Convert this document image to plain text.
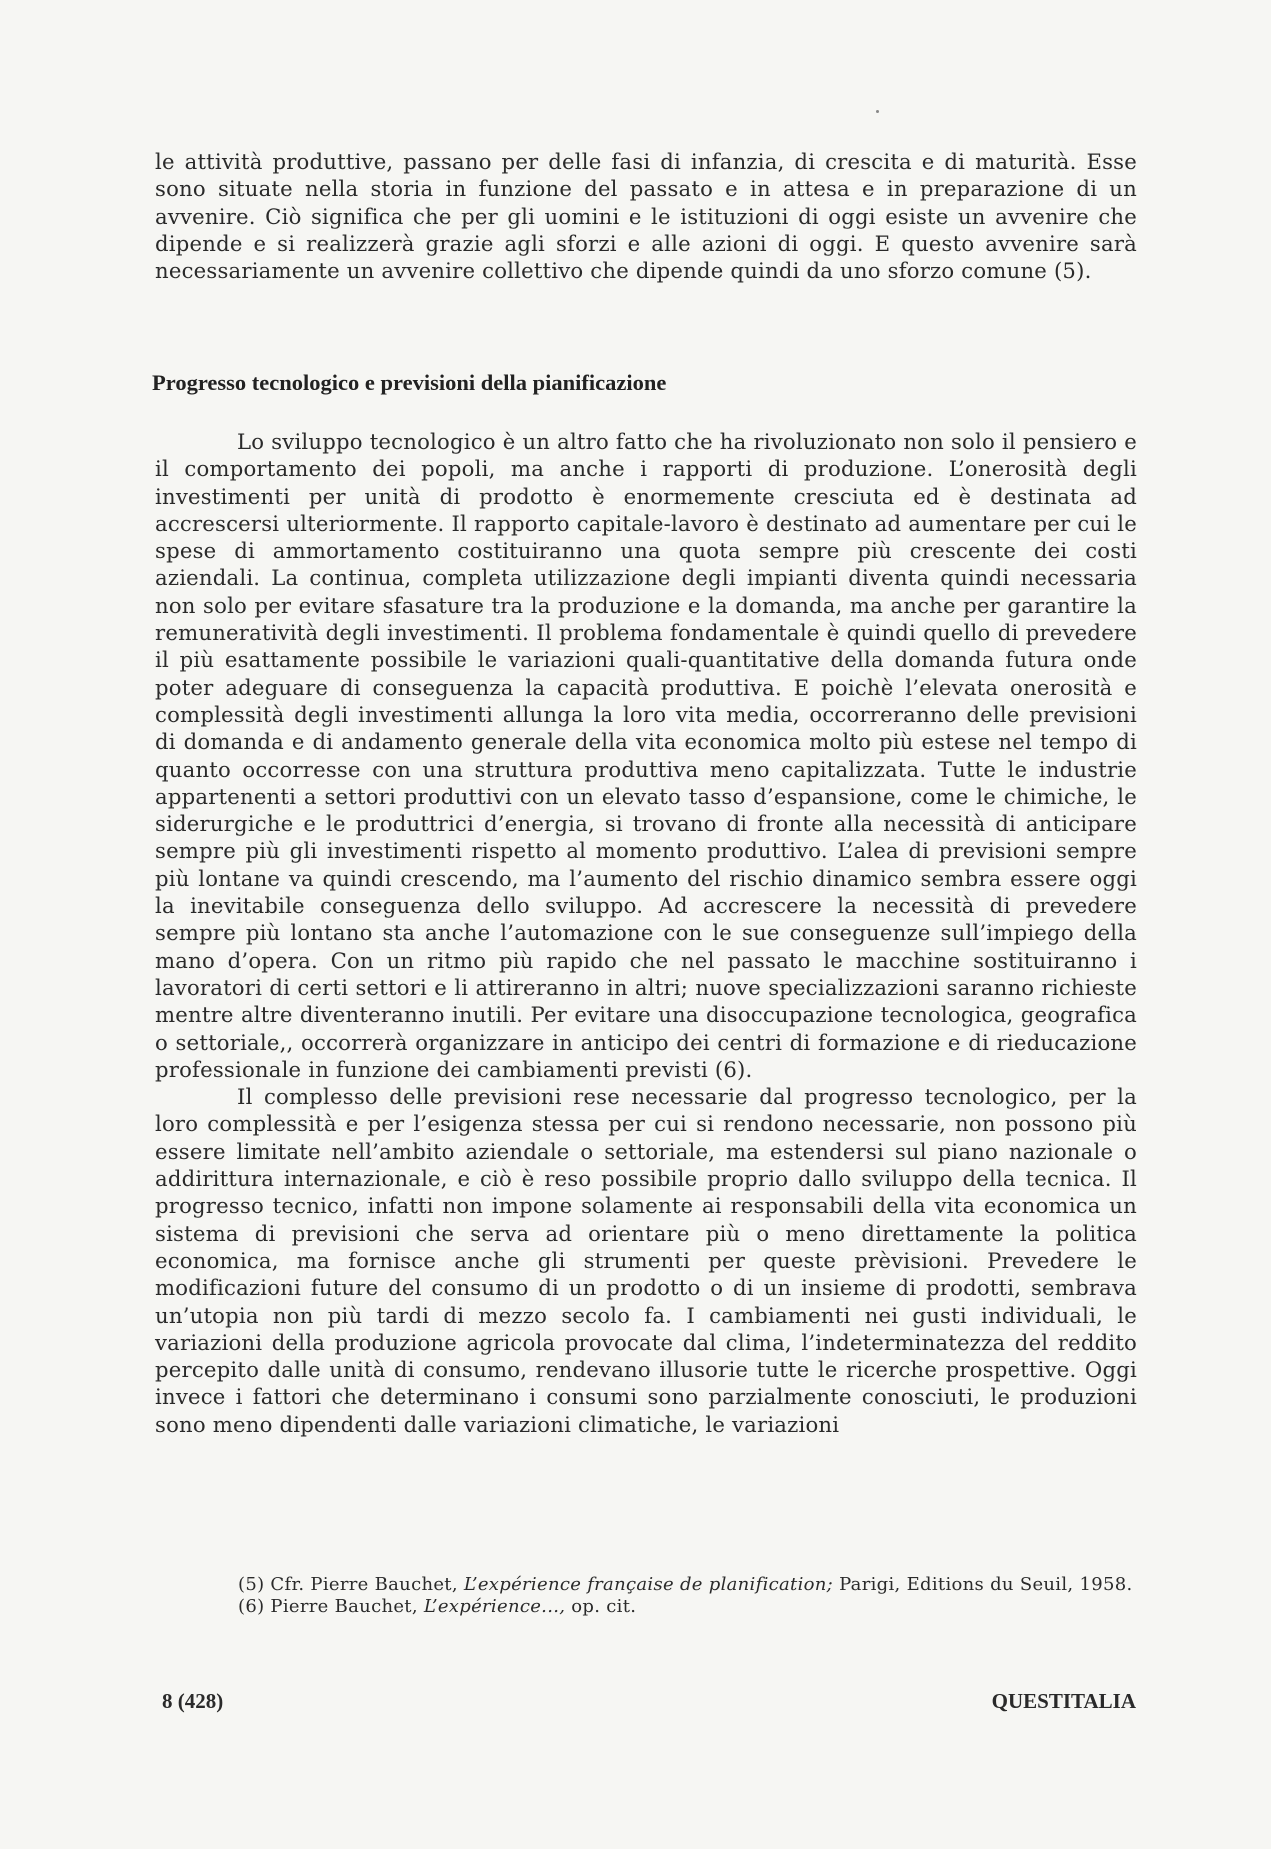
le attività produttive, passano per delle fasi di infanzia, di crescita e di maturità. Esse sono situate nella storia in funzione del passato e in attesa e in preparazione di un avvenire. Ciò significa che per gli uomini e le istituzioni di oggi esiste un avvenire che dipende e si realizzerà grazie agli sforzi e alle azioni di oggi. E questo avvenire sarà necessariamente un avvenire collettivo che dipende quindi da uno sforzo comune (5).
Progresso tecnologico e previsioni della pianificazione

Lo sviluppo tecnologico è un altro fatto che ha rivoluzionato non solo il pensiero e il comportamento dei popoli, ma anche i rapporti di produzione. L’onerosità degli investimenti per unità di prodotto è enormemente cresciuta ed è destinata ad accrescersi ulteriormente. Il rapporto capitale-lavoro è destinato ad aumentare per cui le spese di ammortamento costituiranno una quota sempre più crescente dei costi aziendali. La continua, completa utilizzazione degli impianti diventa quindi necessaria non solo per evitare sfasature tra la produzione e la domanda, ma anche per garantire la remuneratività degli investimenti. Il problema fondamentale è quindi quello di prevedere il più esattamente possibile le variazioni quali-quantitative della domanda futura onde poter adeguare di conseguenza la capacità produttiva. E poichè l’elevata onerosità e complessità degli investimenti allunga la loro vita media, occorreranno delle previsioni di domanda e di andamento generale della vita economica molto più estese nel tempo di quanto occorresse con una struttura produttiva meno capitalizzata. Tutte le industrie appartenenti a settori produttivi con un elevato tasso d’espansione, come le chimiche, le siderurgiche e le produttrici d’energia, si trovano di fronte alla necessità di anticipare sempre più gli investimenti rispetto al momento produttivo. L’alea di previsioni sempre più lontane va quindi crescendo, ma l’aumento del rischio dinamico sembra essere oggi la inevitabile conseguenza dello sviluppo. Ad accrescere la necessità di prevedere sempre più lontano sta anche l’automazione con le sue conseguenze sull’impiego della mano d’opera. Con un ritmo più rapido che nel passato le macchine sostituiranno i lavoratori di certi settori e li attireranno in altri; nuove specializzazioni saranno richieste mentre altre diventeranno inutili. Per evitare una disoccupazione tecnologica, geografica o settoriale,, occorrerà organizzare in anticipo dei centri di formazione e di rieducazione professionale in funzione dei cambiamenti previsti (6).

Il complesso delle previsioni rese necessarie dal progresso tecnologico, per la loro complessità e per l’esigenza stessa per cui si rendono necessarie, non possono più essere limitate nell’ambito aziendale o settoriale, ma estendersi sul piano nazionale o addirittura internazionale, e ciò è reso possibile proprio dallo sviluppo della tecnica. Il progresso tecnico, infatti non impone solamente ai responsabili della vita economica un sistema di previsioni che serva ad orientare più o meno direttamente la politica economica, ma fornisce anche gli strumenti per queste prèvisioni. Prevedere le modificazioni future del consumo di un prodotto o di un insieme di prodotti, sembrava un’utopia non più tardi di mezzo secolo fa. I cambiamenti nei gusti individuali, le variazioni della produzione agricola provocate dal clima, l’indeterminatezza del reddito percepito dalle unità di consumo, rendevano illusorie tutte le ricerche prospettive. Oggi invece i fattori che determinano i consumi sono parzialmente conosciuti, le produzioni sono meno dipendenti dalle variazioni climatiche, le variazioni

(5) Cfr. Pierre Bauchet, L’expérience française de planification; Parigi, Editions du Seuil, 1958.

(6) Pierre Bauchet, L’expérience..., op. cit.

8 (428)	QUESTITALIA
